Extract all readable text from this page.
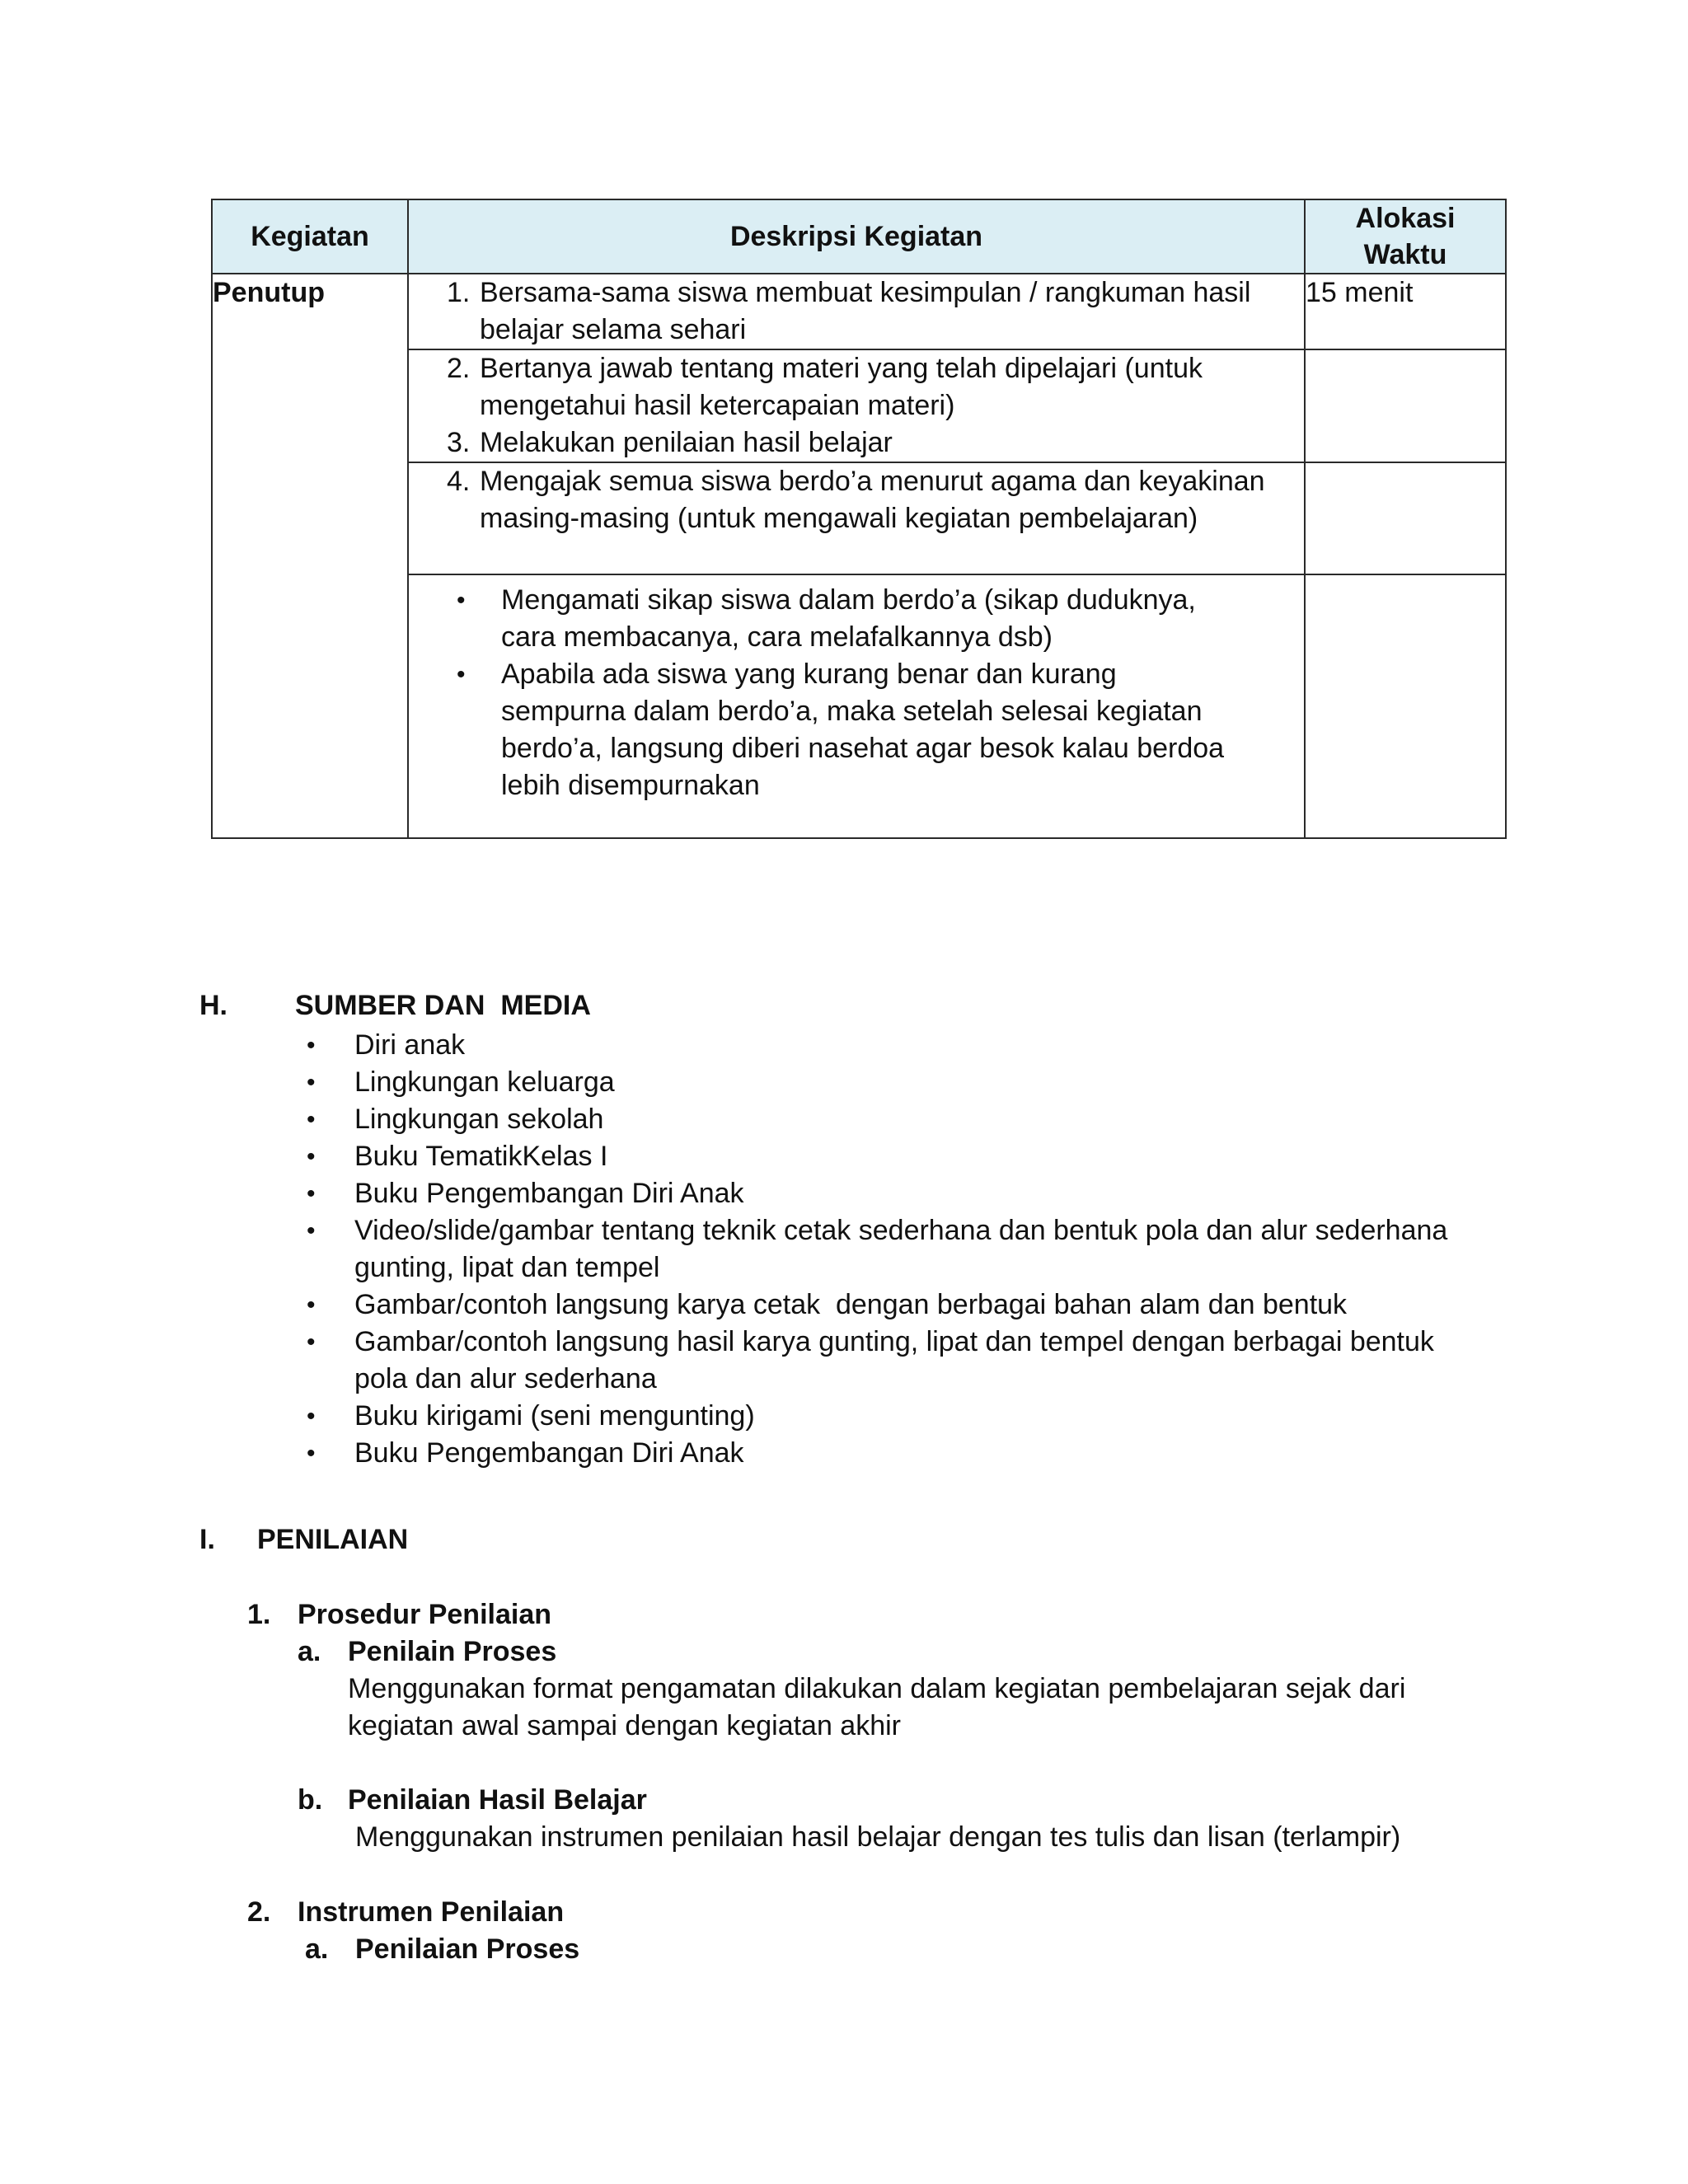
Kegiatan	Deskripsi Kegiatan	Alokasi
Waktu

Penutup	1. Bersama-sama siswa membuat kesimpulan / rangkuman hasil belajar selama sehari	15 menit

	2. Bertanya jawab tentang materi yang telah dipelajari (untuk mengetahui hasil ketercapaian materi)
3. Melakukan penilaian hasil belajar	

	4. Mengajak semua siswa berdo’a menurut agama dan keyakinan masing-masing (untuk mengawali kegiatan pembelajaran)	

	• Mengamati sikap siswa dalam berdo’a (sikap duduknya, cara membacanya, cara melafalkannya dsb)
• Apabila ada siswa yang kurang benar dan kurang sempurna dalam berdo’a, maka setelah selesai kegiatan berdo’a, langsung diberi nasehat agar besok kalau berdoa lebih disempurnakan	

H. SUMBER DAN  MEDIA
•	Diri anak
•	Lingkungan keluarga
•	Lingkungan sekolah
•	Buku TematikKelas I
•	Buku Pengembangan Diri Anak
•	Video/slide/gambar tentang teknik cetak sederhana dan bentuk pola dan alur sederhana gunting, lipat dan tempel
•	Gambar/contoh langsung karya cetak  dengan berbagai bahan alam dan bentuk
•	Gambar/contoh langsung hasil karya gunting, lipat dan tempel dengan berbagai bentuk pola dan alur sederhana
•	Buku kirigami (seni mengunting)
•	Buku Pengembangan Diri Anak
I. PENILAIAN
1. Prosedur Penilaian
a. Penilain Proses
Menggunakan format pengamatan dilakukan dalam kegiatan pembelajaran sejak dari kegiatan awal sampai dengan kegiatan akhir
b. Penilaian Hasil Belajar
Menggunakan instrumen penilaian hasil belajar dengan tes tulis dan lisan (terlampir)
2. Instrumen Penilaian
a. Penilaian Proses
